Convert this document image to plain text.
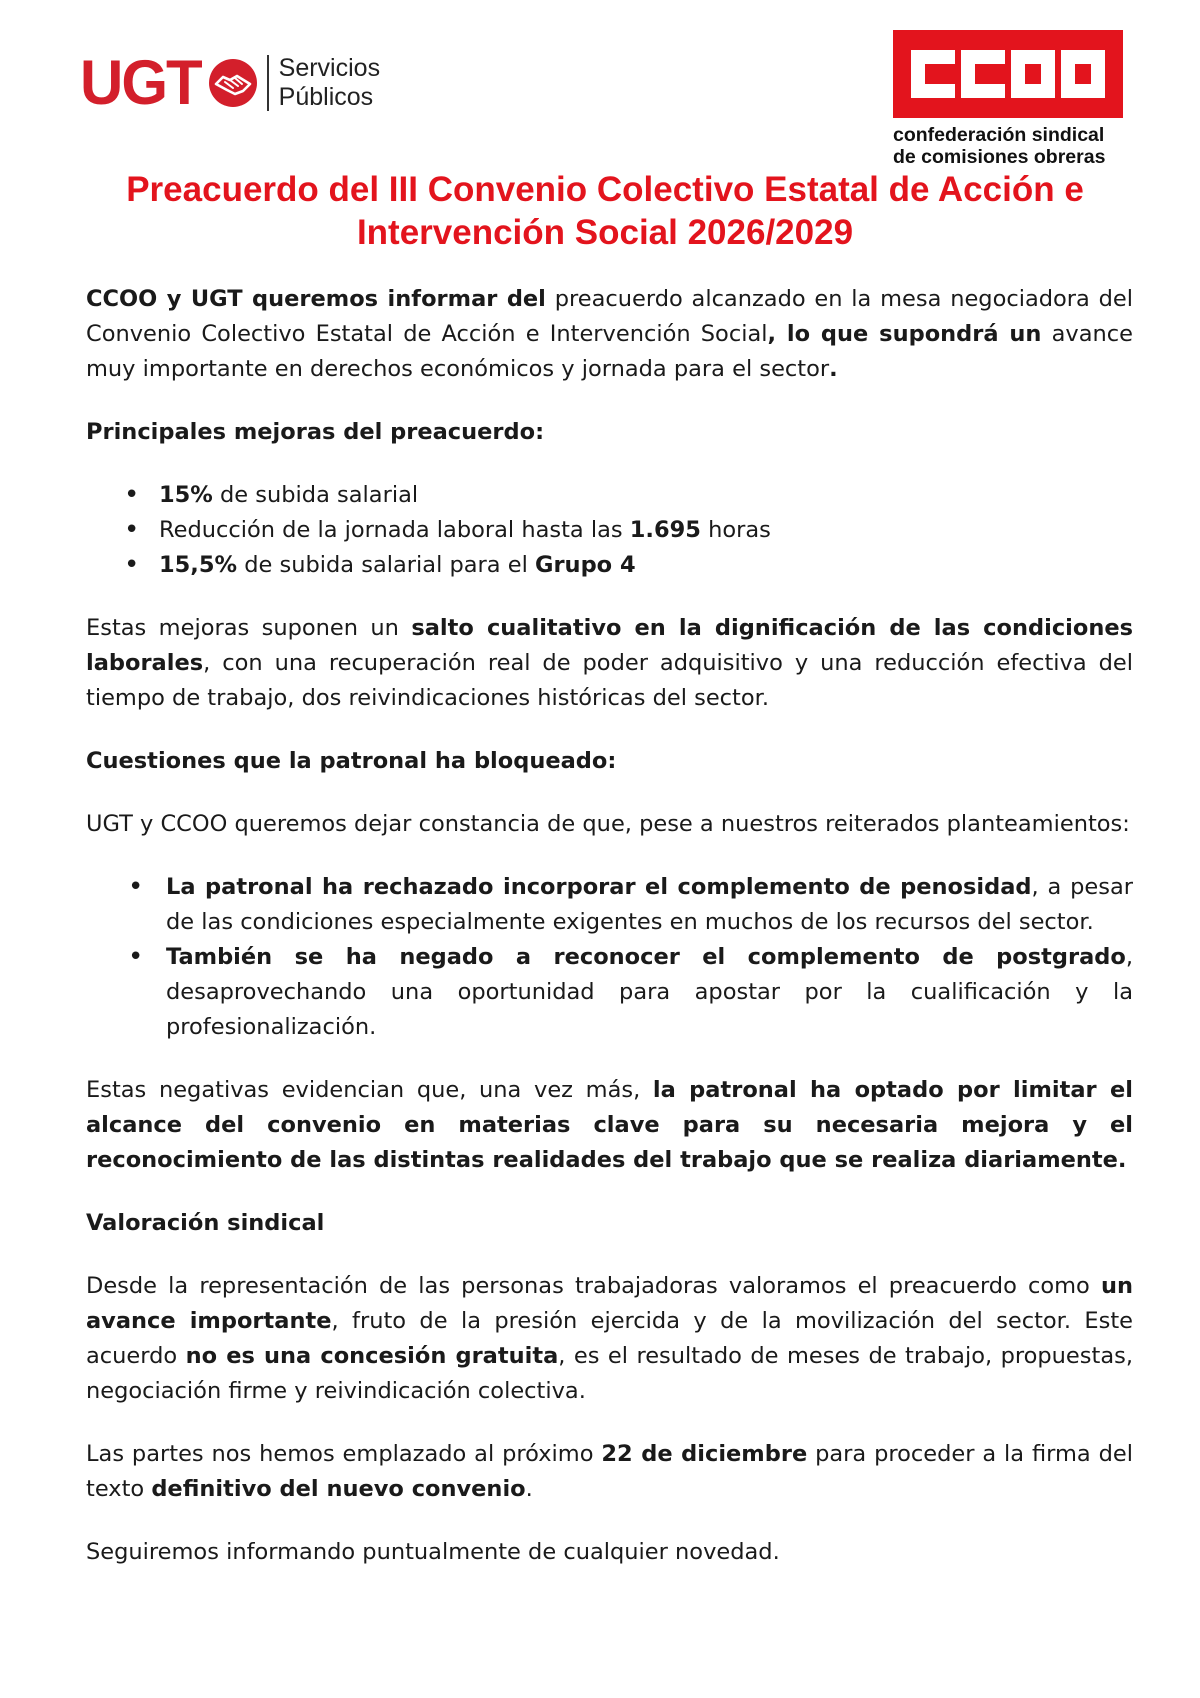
UGT	Servicios
Públicos
confederación sindical
de comisiones obreras
Preacuerdo del III Convenio Colectivo Estatal de Acción e
Intervención Social 2026/2029

CCOO y UGT queremos informar del preacuerdo alcanzado en la mesa negociadora del Convenio Colectivo Estatal de Acción e Intervención Social, lo que supondrá un avance muy importante en derechos económicos y jornada para el sector.

Principales mejoras del preacuerdo:

• 15% de subida salarial
• Reducción de la jornada laboral hasta las 1.695 horas
• 15,5% de subida salarial para el Grupo 4

Estas mejoras suponen un salto cualitativo en la dignificación de las condiciones laborales, con una recuperación real de poder adquisitivo y una reducción efectiva del tiempo de trabajo, dos reivindicaciones históricas del sector.

Cuestiones que la patronal ha bloqueado:

UGT y CCOO queremos dejar constancia de que, pese a nuestros reiterados planteamientos:

• La patronal ha rechazado incorporar el complemento de penosidad, a pesar de las condiciones especialmente exigentes en muchos de los recursos del sector.
• También se ha negado a reconocer el complemento de postgrado, desaprovechando una oportunidad para apostar por la cualificación y la profesionalización.

Estas negativas evidencian que, una vez más, la patronal ha optado por limitar el alcance del convenio en materias clave para su necesaria mejora y el reconocimiento de las distintas realidades del trabajo que se realiza diariamente.

Valoración sindical

Desde la representación de las personas trabajadoras valoramos el preacuerdo como un avance importante, fruto de la presión ejercida y de la movilización del sector. Este acuerdo no es una concesión gratuita, es el resultado de meses de trabajo, propuestas, negociación firme y reivindicación colectiva.

Las partes nos hemos emplazado al próximo 22 de diciembre para proceder a la firma del texto definitivo del nuevo convenio.

Seguiremos informando puntualmente de cualquier novedad.
